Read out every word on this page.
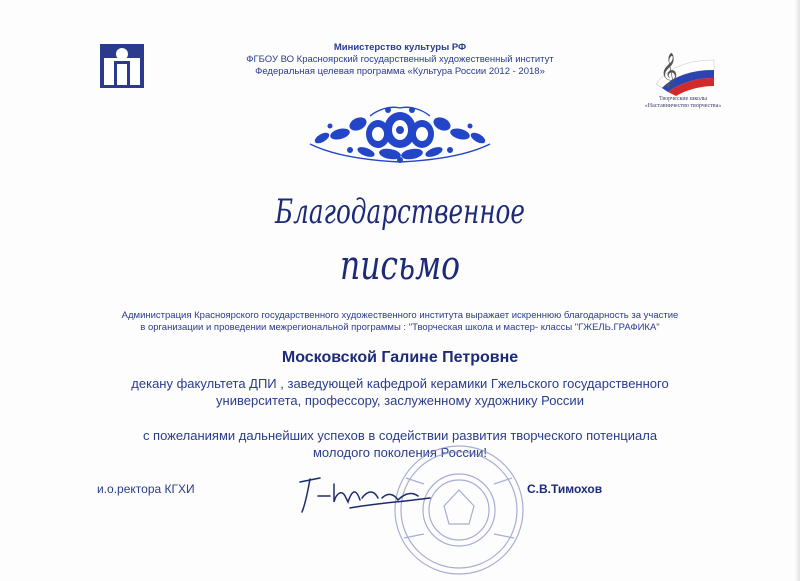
Министерство культуры РФ
ФГБОУ ВО Красноярский государственный художественный институт
Федеральная целевая программа «Культура России 2012 - 2018»	𝄞
Творческие школы
«Наставничество творчества»
Благодарственное
письмо
Администрация Красноярского государственного художественного института выражает искреннюю благодарность за участие
в организации и проведении межрегиональной программы : "Творческая школа и мастер- классы "ГЖЕЛЬ.ГРАФИКА"
Московской Галине Петровне
декану факультета ДПИ , заведующей кафедрой керамики Гжельского государственного
университета, профессору, заслуженному художнику России
с пожеланиями дальнейших успехов в содействии развития творческого потенциала
молодого поколения России!
и.о.ректора КГХИ	С.В.Тимохов
